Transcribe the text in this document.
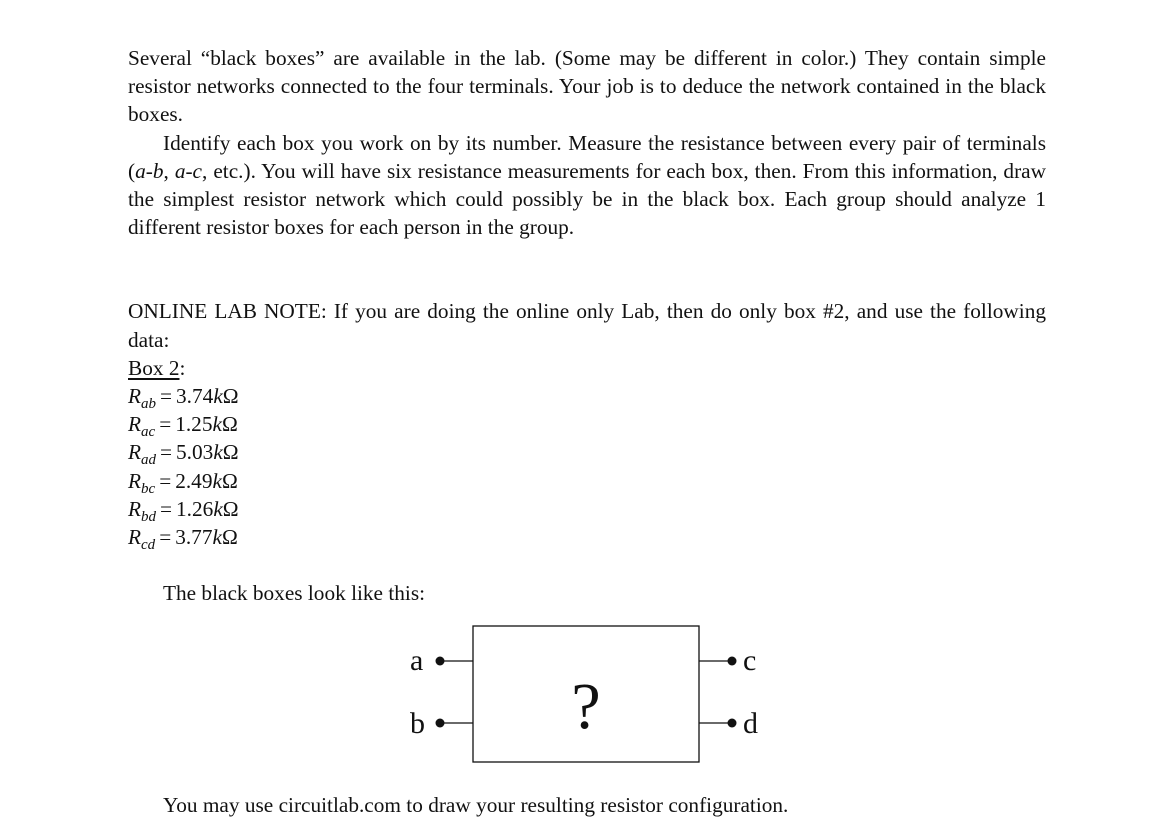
Several “black boxes” are available in the lab. (Some may be different in color.) They contain simple resistor networks connected to the four terminals. Your job is to deduce the network contained in the black boxes.

Identify each box you work on by its number. Measure the resistance between every pair of terminals (a-b, a-c, etc.). You will have six resistance measurements for each box, then. From this information, draw the simplest resistor network which could possibly be in the black box. Each group should analyze 1 different resistor boxes for each person in the group.

ONLINE LAB NOTE: If you are doing the online only Lab, then do only box #2, and use the following data:

Box 2:

$R_{ab} = 3.74k\Omega$

$R_{ac} = 1.25k\Omega$

$R_{ad} = 5.03k\Omega$

$R_{bc} = 2.49k\Omega$

$R_{bd} = 1.26k\Omega$

$R_{cd} = 3.77k\Omega$

The black boxes look like this:

a
b
c
d
?

You may use circuitlab.com to draw your resulting resistor configuration.
